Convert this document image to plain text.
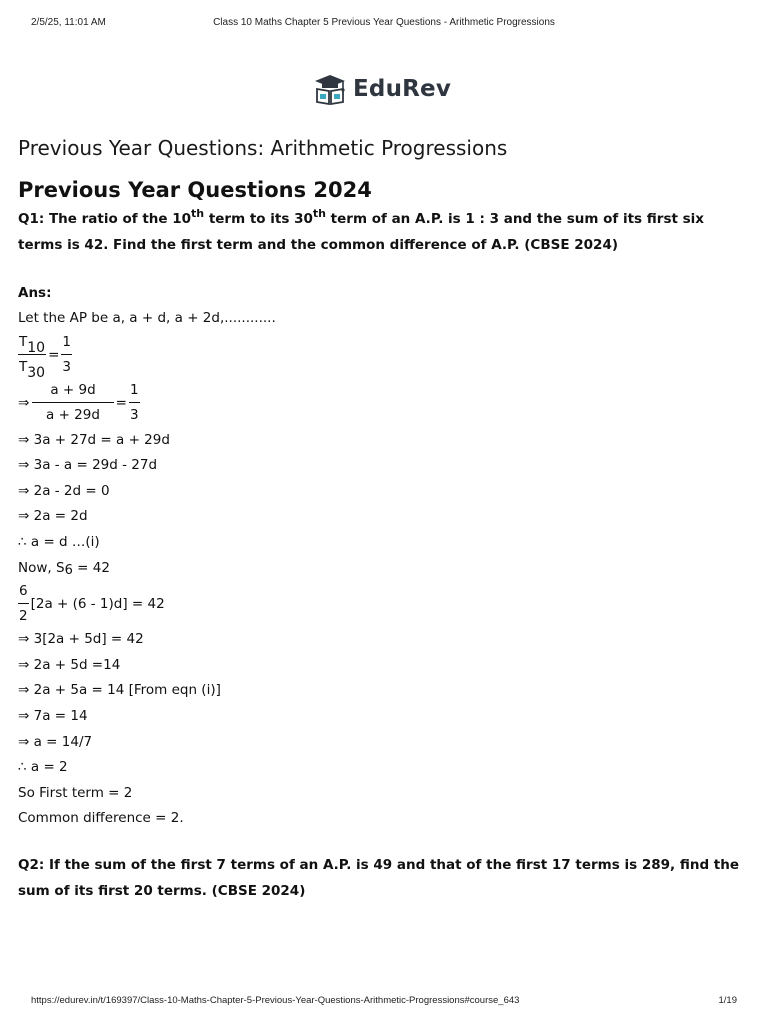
2/5/25, 11:01 AM	Class 10 Maths Chapter 5 Previous Year Questions - Arithmetic Progressions
EduRev
Previous Year Questions: Arithmetic Progressions
Previous Year Questions 2024
Q1: The ratio of the 10th term to its 30th term of an A.P. is 1 : 3 and the sum of its first six terms is 42. Find the first term and the common difference of A.P. (CBSE 2024)
Ans:
Let the AP be a, a + d, a + 2d,............
$\frac{T_{10}}{T_{30}} = \frac{1}{3}$
⇒ $\frac{a + 9d}{a + 29d} = \frac{1}{3}$
⇒ 3a + 27d = a + 29d
⇒ 3a - a = 29d - 27d
⇒ 2a - 2d = 0
⇒ 2a = 2d
∴ a = d …(i)
Now, $S_6 = 42$
$\frac{6}{2} [2a + (6 - 1)d] = 42$
⇒ 3[2a + 5d] = 42
⇒ 2a + 5d =14
⇒ 2a + 5a = 14 [From eqn (i)]
⇒ 7a = 14
⇒ a = 14/7
∴ a = 2
So First term = 2
Common difference = 2.
Q2: If the sum of the first 7 terms of an A.P. is 49 and that of the first 17 terms is 289, find the sum of its first 20 terms. (CBSE 2024)
https://edurev.in/t/169397/Class-10-Maths-Chapter-5-Previous-Year-Questions-Arithmetic-Progressions#course_643	1/19
